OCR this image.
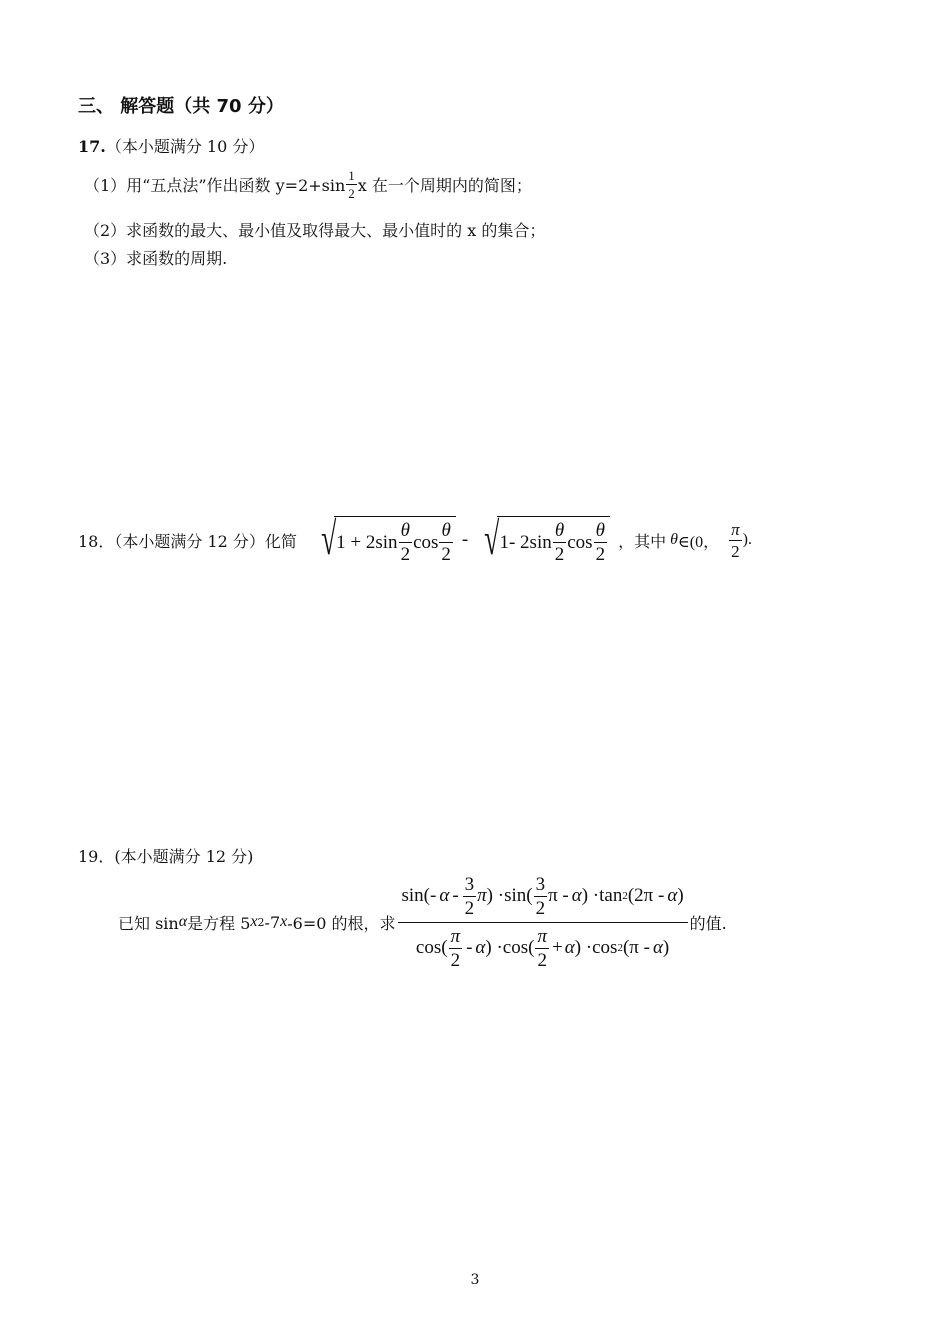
三、 解答题（共 70 分）
17.（本小题满分 10 分）
（1）用“五点法”作出函数 $y=2+\sin \frac{1}{2}$ x 在一个周期内的简图；
（2）求函数的最大、最小值及取得最大、最小值时的 x 的集合；
（3）求函数的周期.
18．（本小题满分 12 分）化简 √ 1
+
2 $\sin \frac{\theta}{2}$ $\cos \frac{\theta}{2}$ - √ 1 -
2 $\sin \frac{\theta}{2}$ $\cos \frac{\theta}{2}$ ，其中 θ ∈(0， $\frac{\pi}{2}$ ).
19．(本小题满分 12 分)
已知 sin α 是方程 5 x 2 -7 x -6=0 的根，求
sin(- α - $\frac{3}{2}$ π ) $\cdot\sin( \frac{3}{2}$ π - α ) ·tan 2 (2π - α )
$\cos( \frac{\pi}{2}$ - α ) $\cdot\cos( \frac{\pi}{2} + \alpha$ ) ·cos 2 (π - α )
的值.
3
